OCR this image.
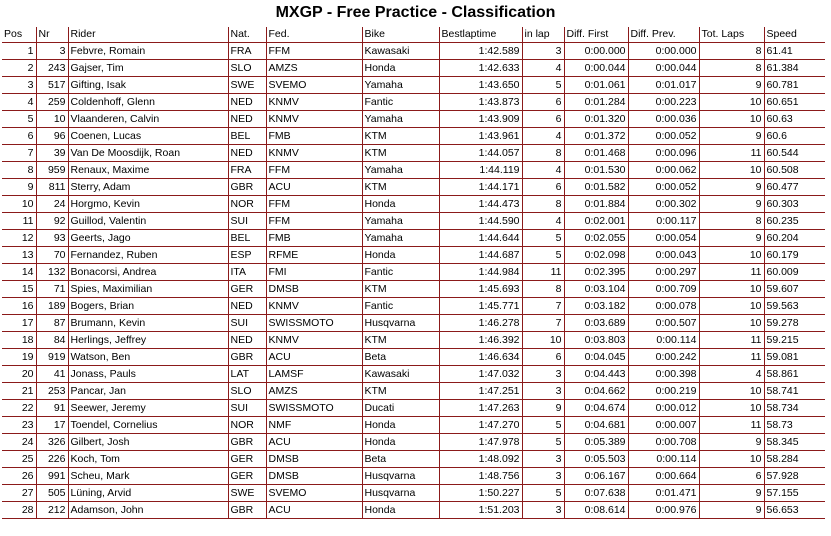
MXGP - Free Practice - Classification
Pos	Nr	Rider	Nat.	Fed.	Bike	Bestlaptime	in lap	Diff. First	Diff. Prev.	Tot. Laps	Speed
1	3	Febvre, Romain	FRA	FFM	Kawasaki	1:42.589	3	0:00.000	0:00.000	8	61.41
2	243	Gajser, Tim	SLO	AMZS	Honda	1:42.633	4	0:00.044	0:00.044	8	61.384
3	517	Gifting, Isak	SWE	SVEMO	Yamaha	1:43.650	5	0:01.061	0:01.017	9	60.781
4	259	Coldenhoff, Glenn	NED	KNMV	Fantic	1:43.873	6	0:01.284	0:00.223	10	60.651
5	10	Vlaanderen, Calvin	NED	KNMV	Yamaha	1:43.909	6	0:01.320	0:00.036	10	60.63
6	96	Coenen, Lucas	BEL	FMB	KTM	1:43.961	4	0:01.372	0:00.052	9	60.6
7	39	Van De Moosdijk, Roan	NED	KNMV	KTM	1:44.057	8	0:01.468	0:00.096	11	60.544
8	959	Renaux, Maxime	FRA	FFM	Yamaha	1:44.119	4	0:01.530	0:00.062	10	60.508
9	811	Sterry, Adam	GBR	ACU	KTM	1:44.171	6	0:01.582	0:00.052	9	60.477
10	24	Horgmo, Kevin	NOR	FFM	Honda	1:44.473	8	0:01.884	0:00.302	9	60.303
11	92	Guillod, Valentin	SUI	FFM	Yamaha	1:44.590	4	0:02.001	0:00.117	8	60.235
12	93	Geerts, Jago	BEL	FMB	Yamaha	1:44.644	5	0:02.055	0:00.054	9	60.204
13	70	Fernandez, Ruben	ESP	RFME	Honda	1:44.687	5	0:02.098	0:00.043	10	60.179
14	132	Bonacorsi, Andrea	ITA	FMI	Fantic	1:44.984	11	0:02.395	0:00.297	11	60.009
15	71	Spies, Maximilian	GER	DMSB	KTM	1:45.693	8	0:03.104	0:00.709	10	59.607
16	189	Bogers, Brian	NED	KNMV	Fantic	1:45.771	7	0:03.182	0:00.078	10	59.563
17	87	Brumann, Kevin	SUI	SWISSMOTO	Husqvarna	1:46.278	7	0:03.689	0:00.507	10	59.278
18	84	Herlings, Jeffrey	NED	KNMV	KTM	1:46.392	10	0:03.803	0:00.114	11	59.215
19	919	Watson, Ben	GBR	ACU	Beta	1:46.634	6	0:04.045	0:00.242	11	59.081
20	41	Jonass, Pauls	LAT	LAMSF	Kawasaki	1:47.032	3	0:04.443	0:00.398	4	58.861
21	253	Pancar, Jan	SLO	AMZS	KTM	1:47.251	3	0:04.662	0:00.219	10	58.741
22	91	Seewer, Jeremy	SUI	SWISSMOTO	Ducati	1:47.263	9	0:04.674	0:00.012	10	58.734
23	17	Toendel, Cornelius	NOR	NMF	Honda	1:47.270	5	0:04.681	0:00.007	11	58.73
24	326	Gilbert, Josh	GBR	ACU	Honda	1:47.978	5	0:05.389	0:00.708	9	58.345
25	226	Koch, Tom	GER	DMSB	Beta	1:48.092	3	0:05.503	0:00.114	10	58.284
26	991	Scheu, Mark	GER	DMSB	Husqvarna	1:48.756	3	0:06.167	0:00.664	6	57.928
27	505	Lüning, Arvid	SWE	SVEMO	Husqvarna	1:50.227	5	0:07.638	0:01.471	9	57.155
28	212	Adamson, John	GBR	ACU	Honda	1:51.203	3	0:08.614	0:00.976	9	56.653
